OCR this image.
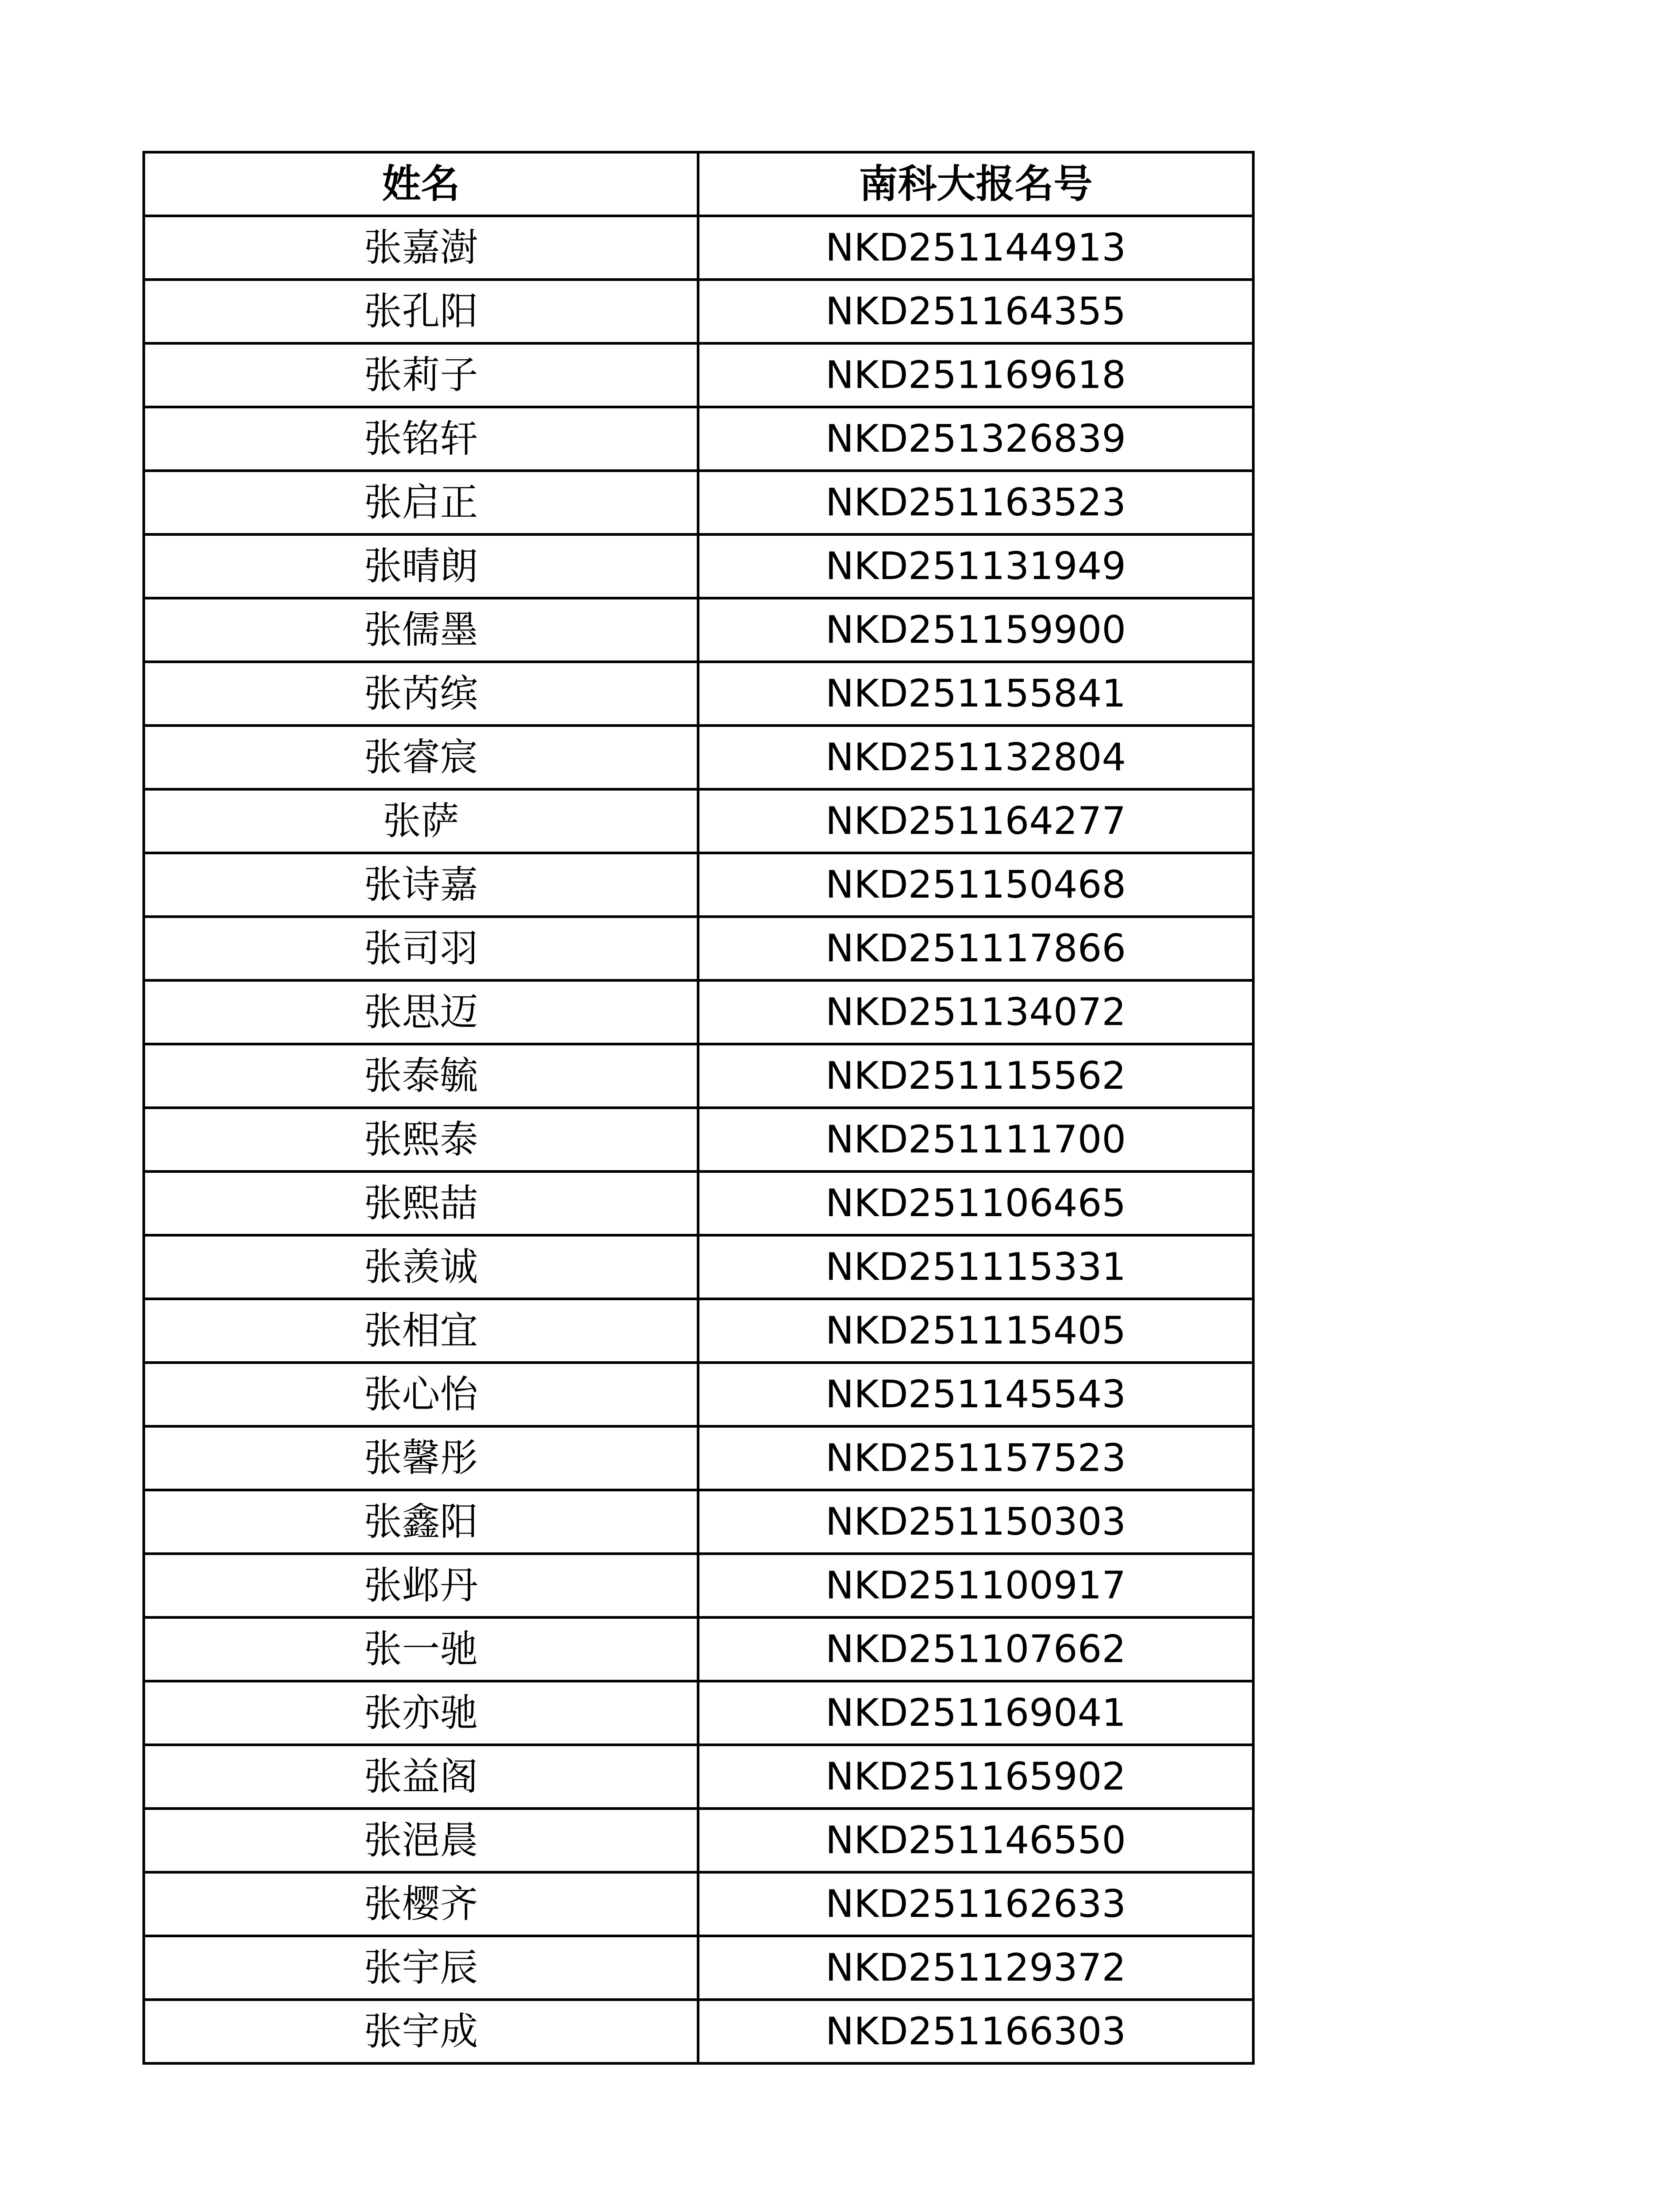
姓名	南科大报名号
张嘉澍	NKD251144913
张孔阳	NKD251164355
张莉子	NKD251169618
张铭轩	NKD251326839
张启正	NKD251163523
张晴朗	NKD251131949
张儒墨	NKD251159900
张芮缤	NKD251155841
张睿宸	NKD251132804
张萨	NKD251164277
张诗嘉	NKD251150468
张司羽	NKD251117866
张思迈	NKD251134072
张泰毓	NKD251115562
张熙泰	NKD251111700
张熙喆	NKD251106465
张羡诚	NKD251115331
张相宜	NKD251115405
张心怡	NKD251145543
张馨彤	NKD251157523
张鑫阳	NKD251150303
张邺丹	NKD251100917
张一驰	NKD251107662
张亦驰	NKD251169041
张益阁	NKD251165902
张浥晨	NKD251146550
张樱齐	NKD251162633
张宇辰	NKD251129372
张宇成	NKD251166303
